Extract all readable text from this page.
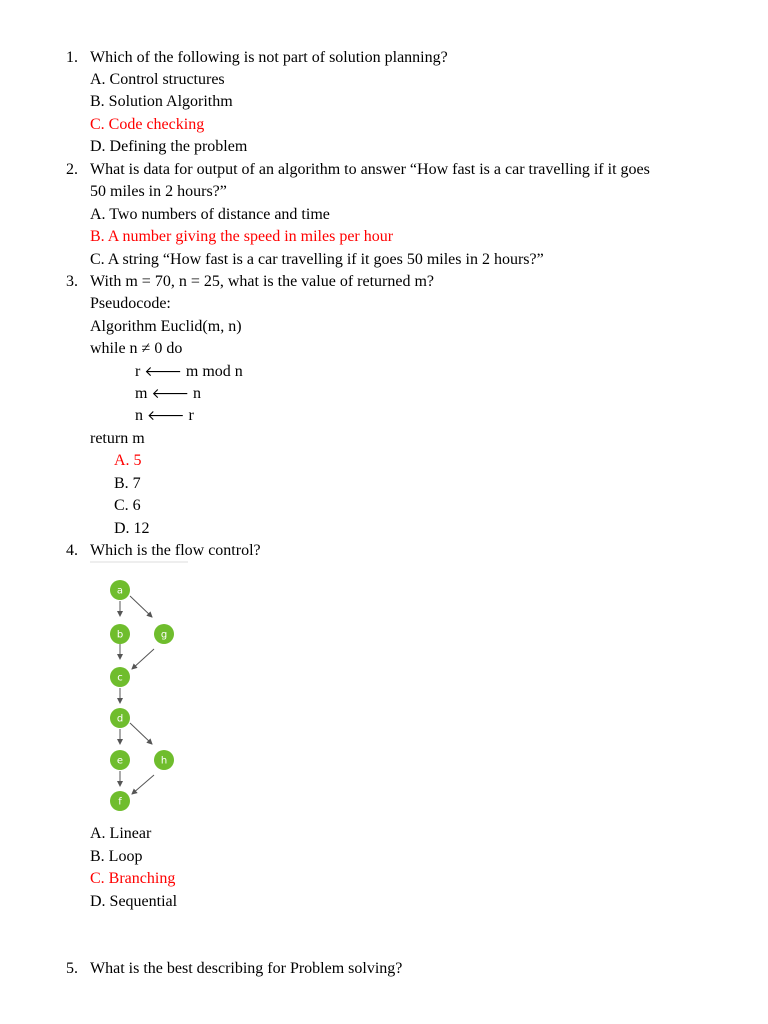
1. Which of the following is not part of solution planning?
A. Control structures
B. Solution Algorithm
C. Code checking
D. Defining the problem
2. What is data for output of an algorithm to answer “How fast is a car travelling if it goes
50 miles in 2 hours?”
A. Two numbers of distance and time
B. A number giving the speed in miles per hour
C. A string “How fast is a car travelling if it goes 50 miles in 2 hours?”
3. With m = 70, n = 25, what is the value of returned m?
Pseudocode:
Algorithm Euclid(m, n)
while n ≠ 0 do
r 🡐 m mod n
m 🡐 n
n 🡐 r
return m
A. 5
B. 7
C. 6
D. 12
4. Which is the flow control?
a
b	g
c
d
e	h
f
A. Linear
B. Loop
C. Branching
D. Sequential
5. What is the best describing for Problem solving?
